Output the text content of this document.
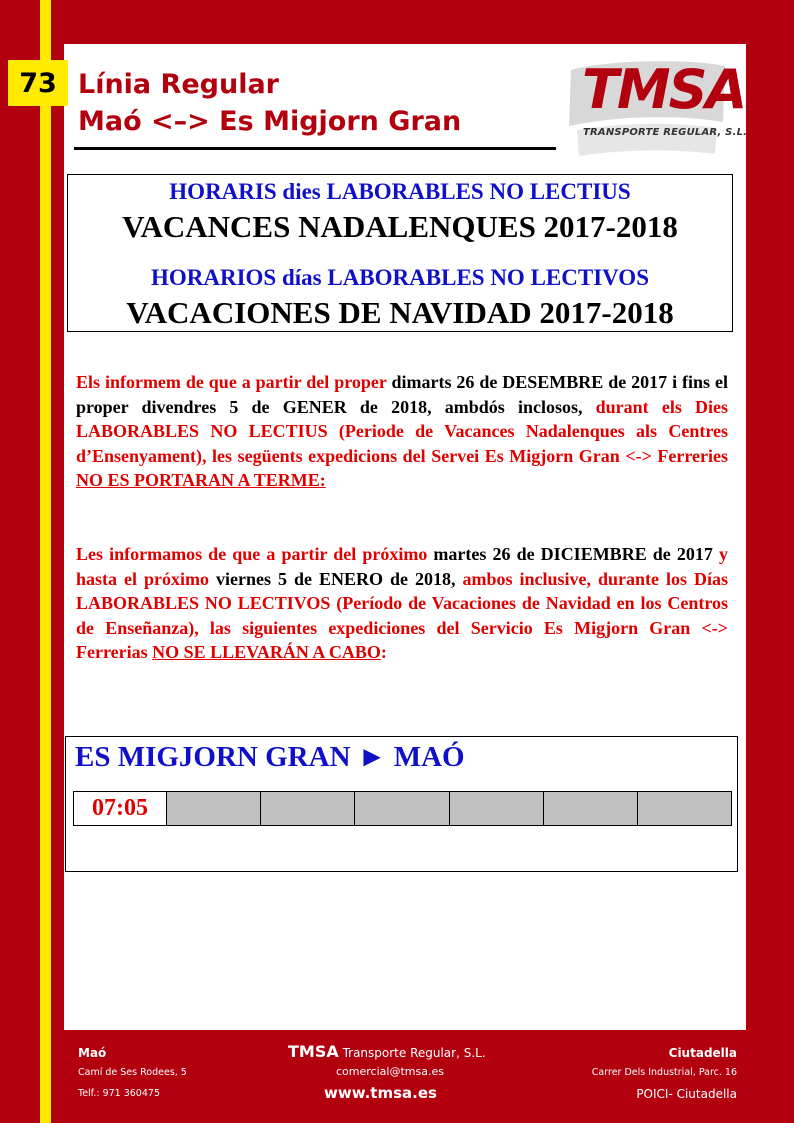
73 Línia Regular
Maó <–> Es Migjorn Gran
TMSA
TRANSPORTE REGULAR, S.L.
HORARIS dies LABORABLES NO LECTIUS
VACANCES NADALENQUES 2017-2018
HORARIOS días LABORABLES NO LECTIVOS
VACACIONES DE NAVIDAD 2017-2018
Els informem de que a partir del proper dimarts 26 de DESEMBRE de 2017 i fins el proper divendres 5 de GENER de 2018, ambdós inclosos, durant els Dies LABORABLES NO LECTIUS (Periode de Vacances Nadalenques als Centres d’Ensenyament), les següents expedicions del Servei Es Migjorn Gran <-> Ferreries NO ES PORTARAN A TERME:
Les informamos de que a partir del próximo martes 26 de DICIEMBRE de 2017 y hasta el próximo viernes 5 de ENERO de 2018, ambos inclusive, durante los Días LABORABLES NO LECTIVOS (Período de Vacaciones de Navidad en los Centros de Enseñanza), las siguientes expediciones del Servicio Es Migjorn Gran <-> Ferrerias NO SE LLEVARÁN A CABO:
ES MIGJORN GRAN ► MAÓ
07:05
Maó
Camí de Ses Rodees, 5
Telf.: 971 360475
TMSA Transporte Regular, S.L.
comercial@tmsa.es
www.tmsa.es
Ciutadella
Carrer Dels Industrial, Parc. 16
POICI- Ciutadella
